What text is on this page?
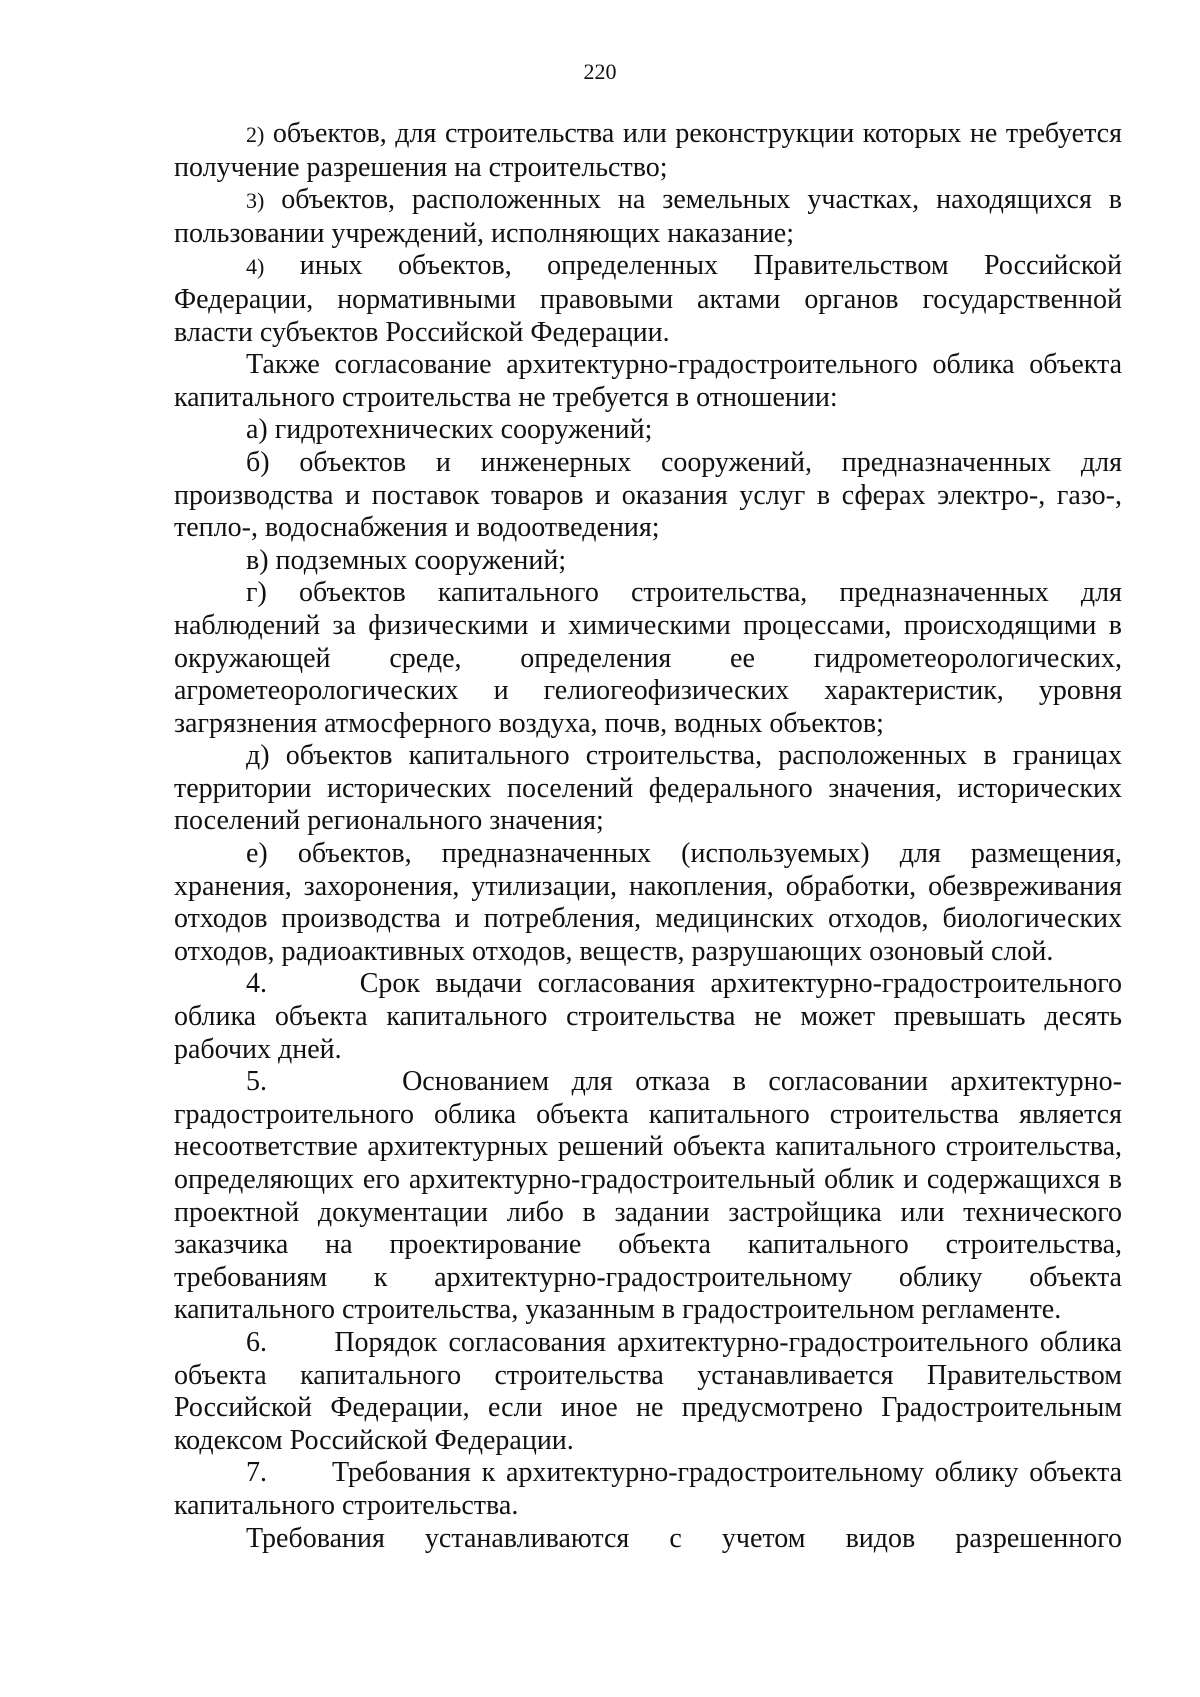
220

2) объектов, для строительства или реконструкции которых не требуется получение разрешения на строительство;

3) объектов, расположенных на земельных участках, находящихся в пользовании учреждений, исполняющих наказание;

4) иных объектов, определенных Правительством Российской Федерации, нормативными правовыми актами органов государственной власти субъектов Российской Федерации.

Также согласование архитектурно-градостроительного облика объекта капитального строительства не требуется в отношении:

а) гидротехнических сооружений;

б) объектов и инженерных сооружений, предназначенных для производства и поставок товаров и оказания услуг в сферах электро-, газо-, тепло-, водоснабжения и водоотведения;

в) подземных сооружений;

г) объектов капитального строительства, предназначенных для наблюдений за физическими и химическими процессами, происходящими в окружающей среде, определения ее гидрометеорологических, агрометеорологических и гелиогеофизических характеристик, уровня загрязнения атмосферного воздуха, почв, водных объектов;

д) объектов капитального строительства, расположенных в границах территории исторических поселений федерального значения, исторических поселений регионального значения;

е) объектов, предназначенных (используемых) для размещения, хранения, захоронения, утилизации, накопления, обработки, обезвреживания отходов производства и потребления, медицинских отходов, биологических отходов, радиоактивных отходов, веществ, разрушающих озоновый слой.

4.      Срок выдачи согласования архитектурно-градостроительного облика объекта капитального строительства не может превышать десять рабочих дней.

5.      Основанием для отказа в согласовании архитектурно-градостроительного облика объекта капитального строительства является несоответствие архитектурных решений объекта капитального строительства, определяющих его архитектурно-градостроительный облик и содержащихся в проектной документации либо в задании застройщика или технического заказчика на проектирование объекта капитального строительства, требованиям к архитектурно-градостроительному облику объекта капитального строительства, указанным в градостроительном регламенте.

6.      Порядок согласования архитектурно-градостроительного облика объекта капитального строительства устанавливается Правительством Российской Федерации, если иное не предусмотрено Градостроительным кодексом Российской Федерации.

7.      Требования к архитектурно-градостроительному облику объекта капитального строительства.

Требования устанавливаются с учетом видов разрешенного
